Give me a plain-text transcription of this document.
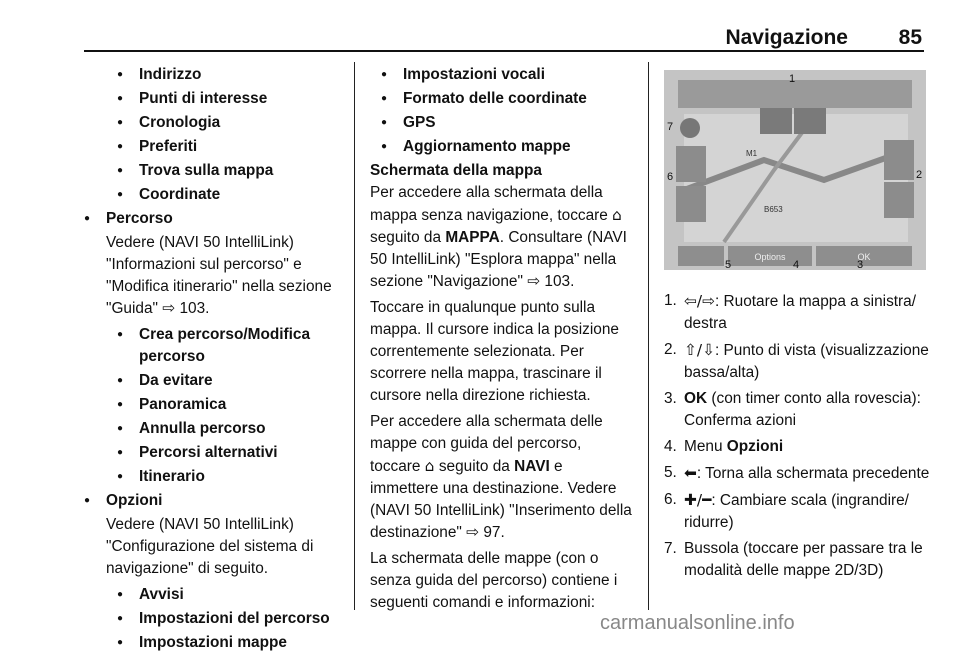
Navigazione 85
● Indirizzo
● Punti di interesse
● Cronologia
● Preferiti
● Trova sulla mappa
● Coordinate
● Percorso
Vedere (NAVI 50 IntelliLink) "Informazioni sul percorso" e "Modifica itinerario" nella sezione "Guida" ⇨ 103.
● Crea percorso/Modifica percorso
● Da evitare
● Panoramica
● Annulla percorso
● Percorsi alternativi
● Itinerario
● Opzioni
Vedere (NAVI 50 IntelliLink) "Configurazione del sistema di navigazione" di seguito.
● Avvisi
● Impostazioni del percorso
● Impostazioni mappe
● Impostazioni vocali
● Formato delle coordinate
● GPS
● Aggiornamento mappe
Schermata della mappa
Per accedere alla schermata della mappa senza navigazione, toccare ⌂ seguito da MAPPA. Consultare (NAVI 50 IntelliLink) "Esplora mappa" nella sezione "Navigazione" ⇨ 103.
Toccare in qualunque punto sulla mappa. Il cursore indica la posizione correntemente selezionata. Per scorrere nella mappa, trascinare il cursore nella direzione richiesta.
Per accedere alla schermata delle mappe con guida del percorso, toccare ⌂ seguito da NAVI e immettere una destinazione. Vedere (NAVI 50 IntelliLink) "Inserimento della destinazione" ⇨ 97.
La schermata delle mappe (con o senza guida del percorso) contiene i seguenti comandi e informazioni:
Options	OK
M1
B653
1
2
3
4
5
6
7
1. ⇦/⇨: Ruotare la mappa a sinistra/ destra
2. ⇧/⇩: Punto di vista (visualizzazione bassa/alta)
3. OK (con timer conto alla rovescia): Conferma azioni
4. Menu Opzioni
5. ⬅: Torna alla schermata precedente
6. ✚/━: Cambiare scala (ingrandire/ ridurre)
7. Bussola (toccare per passare tra le modalità delle mappe 2D/3D)
carmanualsonline.info
